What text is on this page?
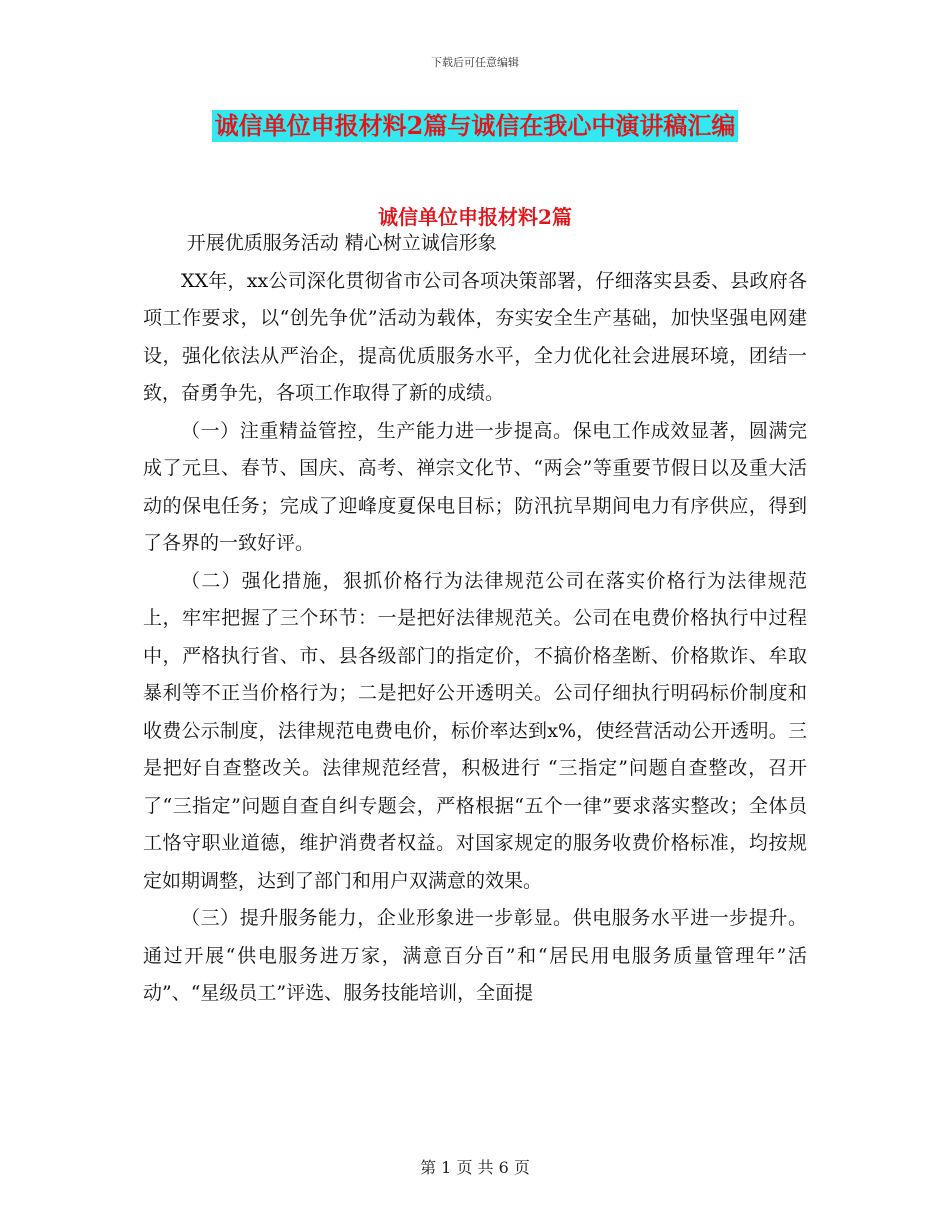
下载后可任意编辑
诚信单位申报材料2篇与诚信在我心中演讲稿汇编
诚信单位申报材料2篇

开展优质服务活动 精心树立诚信形象

XX年，xx公司深化贯彻省市公司各项决策部署，仔细落实县委、县政府各项工作要求，以“创先争优”活动为载体，夯实安全生产基础，加快坚强电网建设，强化依法从严治企，提高优质服务水平，全力优化社会进展环境，团结一致，奋勇争先，各项工作取得了新的成绩。

（一）注重精益管控，生产能力进一步提高。保电工作成效显著，圆满完成了元旦、春节、国庆、高考、禅宗文化节、“两会”等重要节假日以及重大活动的保电任务；完成了迎峰度夏保电目标；防汛抗旱期间电力有序供应，得到了各界的一致好评。

（二）强化措施，狠抓价格行为法律规范公司在落实价格行为法律规范上，牢牢把握了三个环节：一是把好法律规范关。公司在电费价格执行中过程中，严格执行省、市、县各级部门的指定价，不搞价格垄断、价格欺诈、牟取暴利等不正当价格行为；二是把好公开透明关。公司仔细执行明码标价制度和收费公示制度，法律规范电费电价，标价率达到x%，使经营活动公开透明。三是把好自查整改关。法律规范经营，积极进行 “三指定”问题自查整改，召开了“三指定”问题自查自纠专题会，严格根据“五个一律”要求落实整改；全体员工恪守职业道德，维护消费者权益。对国家规定的服务收费价格标准，均按规定如期调整，达到了部门和用户双满意的效果。

（三）提升服务能力，企业形象进一步彰显。供电服务水平进一步提升。通过开展“供电服务进万家，满意百分百”和“居民用电服务质量管理年”活动”、“星级员工”评选、服务技能培训，全面提

第 1 页 共 6 页
